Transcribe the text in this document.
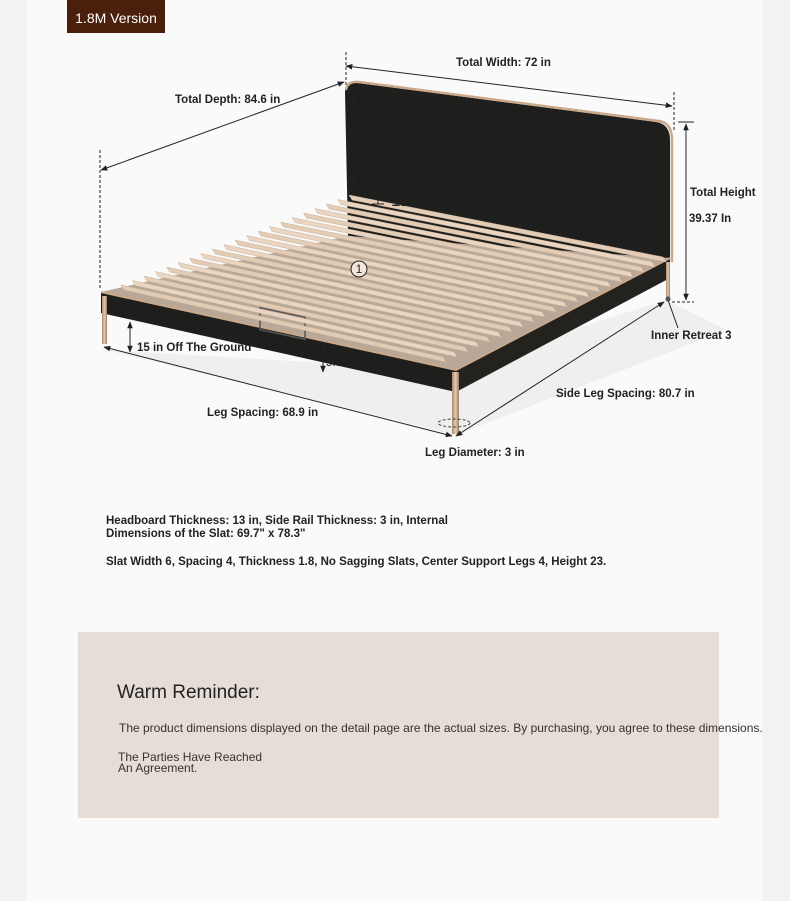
1.8M Version
1
Total Width: 72 in
Total Depth: 84.6 in
22.83 In
12	Total Height
39.37 In
15 in Off The Ground
5.91in
Inner Retreat 3
Leg Spacing: 68.9 in
Side Leg Spacing: 80.7 in
Leg Diameter: 3 in
Headboard Thickness: 13 in, Side Rail Thickness: 3 in, Internal
Dimensions of the Slat: 69.7" x 78.3"
Slat Width 6, Spacing 4, Thickness 1.8, No Sagging Slats, Center Support Legs 4, Height 23.
Warm Reminder:
The product dimensions displayed on the detail page are the actual sizes. By purchasing, you agree to these dimensions.
The Parties Have Reached
An Agreement.
